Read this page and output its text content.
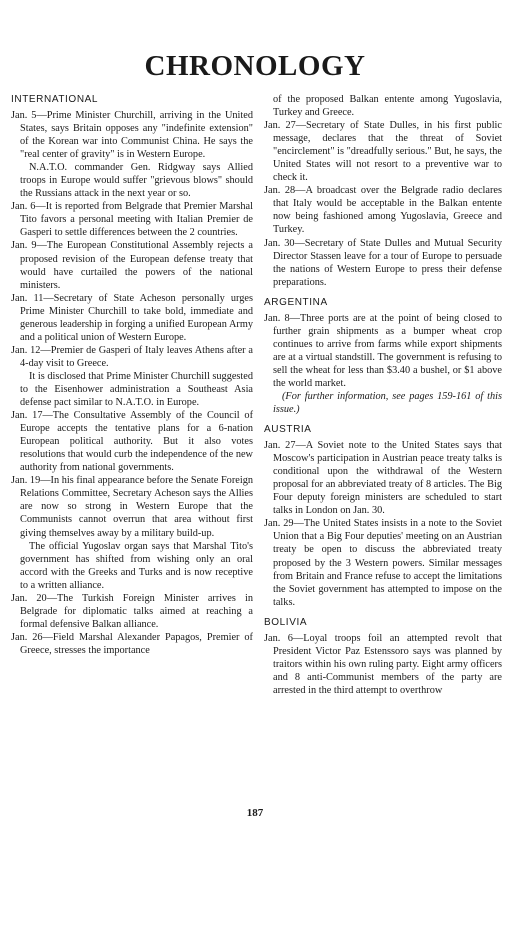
CHRONOLOGY
INTERNATIONAL

Jan. 5—Prime Minister Churchill, arriving in the United States, says Britain opposes any "indefinite extension" of the Korean war into Communist China. He says the "real center of gravity" is in Western Europe.

N.A.T.O. commander Gen. Ridgway says Allied troops in Europe would suffer "grievous blows" should the Russians attack in the next year or so.

Jan. 6—It is reported from Belgrade that Premier Marshal Tito favors a personal meeting with Italian Premier de Gasperi to settle differences between the 2 countries.

Jan. 9—The European Constitutional Assembly rejects a proposed revision of the European defense treaty that would have curtailed the powers of the national ministers.

Jan. 11—Secretary of State Acheson personally urges Prime Minister Churchill to take bold, immediate and generous leadership in forging a unified European Army and a political union of Western Europe.

Jan. 12—Premier de Gasperi of Italy leaves Athens after a 4-day visit to Greece.

It is disclosed that Prime Minister Churchill suggested to the Eisenhower administration a Southeast Asia defense pact similar to N.A.T.O. in Europe.

Jan. 17—The Consultative Assembly of the Council of Europe accepts the tentative plans for a 6-nation European political authority. But it also votes resolutions that would curb the independence of the new authority from national governments.

Jan. 19—In his final appearance before the Senate Foreign Relations Committee, Secretary Acheson says the Allies are now so strong in Western Europe that the Communists cannot overrun that area without first giving themselves away by a military build-up.

The official Yugoslav organ says that Marshal Tito's government has shifted from wishing only an oral accord with the Greeks and Turks and is now receptive to a written alliance.

Jan. 20—The Turkish Foreign Minister arrives in Belgrade for diplomatic talks aimed at reaching a formal defensive Balkan alliance.

Jan. 26—Field Marshal Alexander Papagos, Premier of Greece, stresses the importance

of the proposed Balkan entente among Yugoslavia, Turkey and Greece.

Jan. 27—Secretary of State Dulles, in his first public message, declares that the threat of Soviet "encirclement" is "dreadfully serious." But, he says, the United States will not resort to a preventive war to check it.

Jan. 28—A broadcast over the Belgrade radio declares that Italy would be acceptable in the Balkan entente now being fashioned among Yugoslavia, Greece and Turkey.

Jan. 30—Secretary of State Dulles and Mutual Security Director Stassen leave for a tour of Europe to persuade the nations of Western Europe to press their defense preparations.

ARGENTINA

Jan. 8—Three ports are at the point of being closed to further grain shipments as a bumper wheat crop continues to arrive from farms while export shipments are at a virtual standstill. The government is refusing to sell the wheat for less than $3.40 a bushel, or $1 above the world market.

(For further information, see pages 159-161 of this issue.)

AUSTRIA

Jan. 27—A Soviet note to the United States says that Moscow's participation in Austrian peace treaty talks is conditional upon the withdrawal of the Western proposal for an abbreviated treaty of 8 articles. The Big Four deputy foreign ministers are scheduled to start talks in London on Jan. 30.

Jan. 29—The United States insists in a note to the Soviet Union that a Big Four deputies' meeting on an Austrian treaty be open to discuss the abbreviated treaty proposed by the 3 Western powers. Similar messages from Britain and France refuse to accept the limitations the Soviet government has attempted to impose on the talks.

BOLIVIA

Jan. 6—Loyal troops foil an attempted revolt that President Victor Paz Estenssoro says was planned by traitors within his own ruling party. Eight army officers and 8 anti-Communist members of the party are arrested in the third attempt to overthrow

187
